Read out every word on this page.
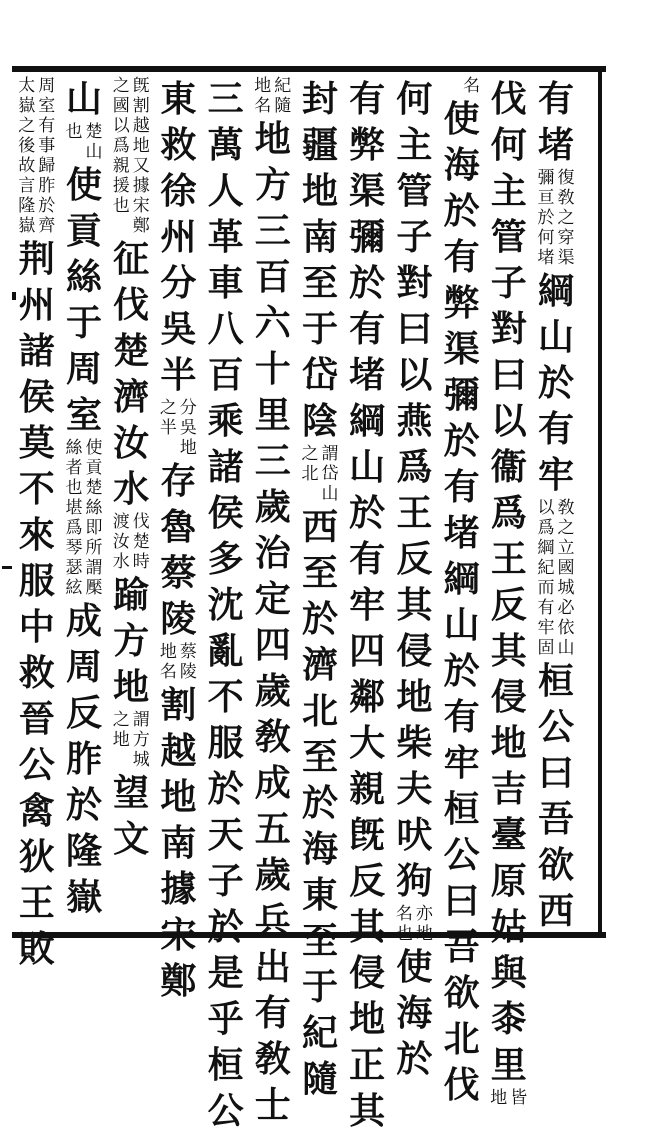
有
堵
復
敎
之
穿
渠
彌
亘
於
何
堵
綱
山
於
有
牢
敎
之
立
國
城
必
依
山
以
爲
綱
紀
而
有
牢
固
桓
公
曰
吾
欲
西
伐
何
主
管
子
對
曰
以
衞
爲
王
反
其
侵
地
吉
臺
原
姑
與
桼
里
皆
地
名
使
海
於
有
弊
渠
彌
於
有
堵
綱
山
於
有
牢
桓
公
曰
吾
欲
北
伐
何
主
管
子
對
曰
以
燕
爲
王
反
其
侵
地
柴
夫
吠
狗
亦
地
名
也
使
海
於
有
弊
渠
彌
於
有
堵
綱
山
於
有
牢
四
鄰
大
親
旣
反
其
侵
地
正
其
封
疆
地
南
至
于
岱
陰
謂
岱
山
之
北
西
至
於
濟
北
至
於
海
東
至
于
紀
隨
紀
隨
地
名
地
方
三
百
六
十
里
三
歲
治
定
四
歲
敎
成
五
歲
兵
出
有
敎
士
三
萬
人
革
車
八
百
乘
諸
侯
多
沈
亂
不
服
於
天
子
於
是
乎
桓
公
東
救
徐
州
分
吳
半
分
吳
地
之
半
存
魯
蔡
陵
蔡
陵
地
名
割
越
地
南
據
宋
鄭
旣
割
越
地
又
據
宋
鄭
之
國
以
爲
親
援
也
征
伐
楚
濟
汝
水
伐
楚
時
渡
汝
水
踰
方
地
謂
方
城
之
地
望
文
山
楚
山
也
使
貢
絲
于
周
室
使
貢
楚
絲
即
所
謂
檿
絲
者
也
堪
爲
琴
瑟
絃
成
周
反
胙
於
隆
嶽
周
室
有
事
歸
胙
於
齊
太
嶽
之
後
故
言
隆
嶽
荆
州
諸
侯
莫
不
來
服
中
救
晉
公
禽
狄
王
敗
